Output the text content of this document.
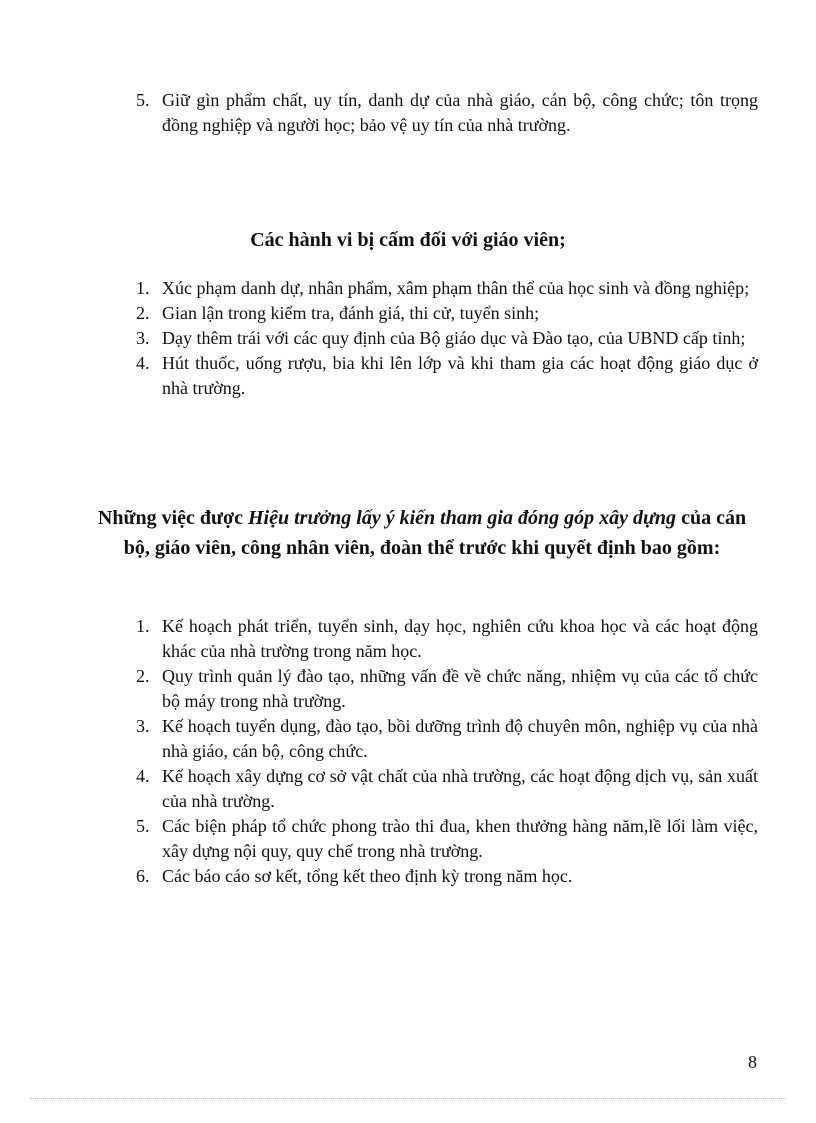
5. Giữ gìn phẩm chất, uy tín, danh dự của nhà giáo, cán bộ, công chức; tôn trọng đồng nghiệp và người học; bảo vệ uy tín của nhà trường.
Các hành vi bị cấm đối với giáo viên;
1. Xúc phạm danh dự, nhân phẩm, xâm phạm thân thể của học sinh và đồng nghiệp;
2. Gian lận trong kiểm tra, đánh giá, thi cử, tuyển sinh;
3. Dạy thêm trái với các quy định của Bộ giáo dục và Đào tạo, của UBND cấp tỉnh;
4. Hút thuốc, uống rượu, bia khi lên lớp và khi tham gia các hoạt động giáo dục ở nhà trường.
Những việc được Hiệu trưởng lấy ý kiến tham gia đóng góp xây dựng của cán bộ, giáo viên, công nhân viên, đoàn thể trước khi quyết định bao gồm:
1. Kế hoạch phát triển, tuyển sinh, dạy học, nghiên cứu khoa học và các hoạt động khác của nhà trường trong năm học.
2. Quy trình quản lý đào tạo, những vấn đề về chức năng, nhiệm vụ của các tổ chức bộ máy trong nhà trường.
3. Kế hoạch tuyển dụng, đào tạo, bồi dưỡng trình độ chuyên môn, nghiệp vụ của nhà nhà giáo, cán bộ, công chức.
4. Kế hoạch xây dựng cơ sở vật chất của nhà trường, các hoạt động dịch vụ, sản xuất của nhà trường.
5. Các biện pháp tổ chức phong trào thi đua, khen thưởng hàng năm,lề lối làm việc, xây dựng nội quy, quy chế trong nhà trường.
6. Các báo cáo sơ kết, tổng kết theo định kỳ trong năm học.
8
